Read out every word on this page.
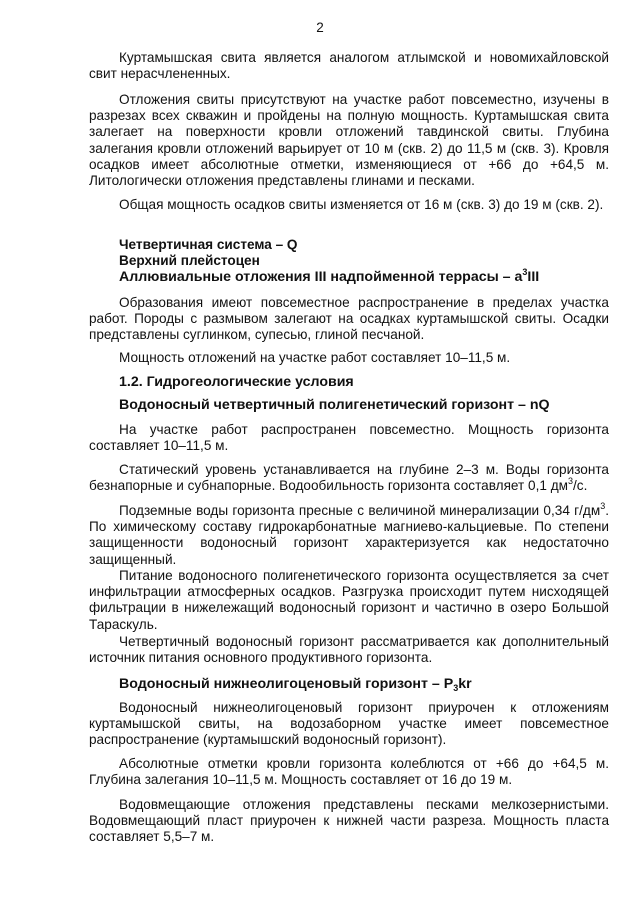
2

Куртамышская свита является аналогом атлымской и новомихайловской свит нерасчлененных.

Отложения свиты присутствуют на участке работ повсеместно, изучены в разрезах всех скважин и пройдены на полную мощность. Куртамышская свита залегает на поверхности кровли отложений тавдинской свиты. Глубина залегания кровли отложений варьирует от 10 м (скв. 2) до 11,5 м (скв. 3). Кровля осадков имеет абсолютные отметки, изменяющиеся от +66 до +64,5 м. Литологически отложения представлены глинами и песками.

Общая мощность осадков свиты изменяется от 16 м (скв. 3) до 19 м (скв. 2).

Четвертичная система – Q
Верхний плейстоцен
Аллювиальные отложения III надпойменной террасы – $a^3III$

Образования имеют повсеместное распространение в пределах участка работ. Породы с размывом залегают на осадках куртамышской свиты. Осадки представлены суглинком, супесью, глиной песчаной.

Мощность отложений на участке работ составляет 10–11,5 м.

1.2. Гидрогеологические условия
Водоносный четвертичный полигенетический горизонт – nQ

На участке работ распространен повсеместно. Мощность горизонта составляет 10–11,5 м.

Статический уровень устанавливается на глубине 2–3 м. Воды горизонта безнапорные и субнапорные. Водообильность горизонта составляет 0,1 $дм^3/с$.

Подземные воды горизонта пресные с величиной минерализации 0,34 $г/дм^3$. По химическому составу гидрокарбонатные магниево-кальциевые. По степени защищенности водоносный горизонт характеризуется как недостаточно защищенный.

Питание водоносного полигенетического горизонта осуществляется за счет инфильтрации атмосферных осадков. Разгрузка происходит путем нисходящей фильтрации в нижележащий водоносный горизонт и частично в озеро Большой Тараскуль.

Четвертичный водоносный горизонт рассматривается как дополнительный источник питания основного продуктивного горизонта.

Водоносный нижнеолигоценовый горизонт – $P_3kr$

Водоносный нижнеолигоценовый горизонт приурочен к отложениям куртамышской свиты, на водозаборном участке имеет повсеместное распространение (куртамышский водоносный горизонт).

Абсолютные отметки кровли горизонта колеблются от +66 до +64,5 м. Глубина залегания 10–11,5 м. Мощность составляет от 16 до 19 м.

Водовмещающие отложения представлены песками мелкозернистыми. Водовмещающий пласт приурочен к нижней части разреза. Мощность пласта составляет 5,5–7 м.
